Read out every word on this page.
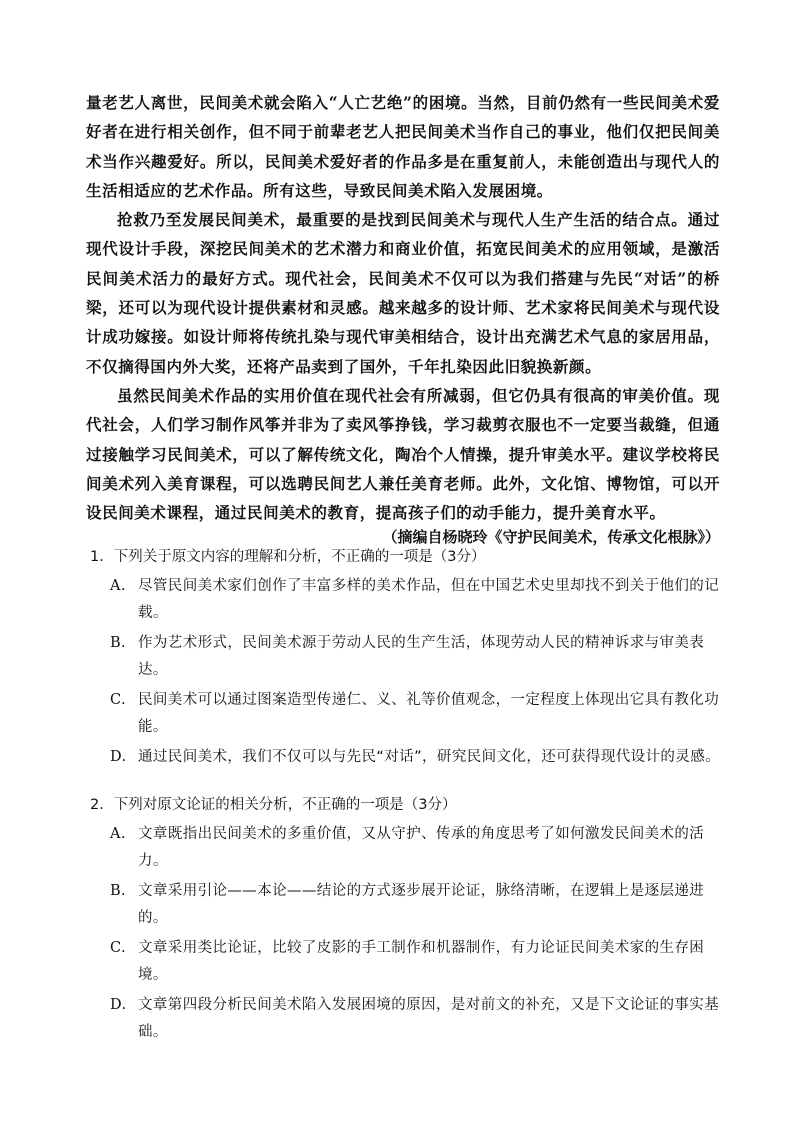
量老艺人离世，民间美术就会陷入“人亡艺绝”的困境。当然，目前仍然有一些民间美术爱好者在进行相关创作，但不同于前辈老艺人把民间美术当作自己的事业，他们仅把民间美术当作兴趣爱好。所以，民间美术爱好者的作品多是在重复前人，未能创造出与现代人的生活相适应的艺术作品。所有这些，导致民间美术陷入发展困境。

抢救乃至发展民间美术，最重要的是找到民间美术与现代人生产生活的结合点。通过现代设计手段，深挖民间美术的艺术潜力和商业价值，拓宽民间美术的应用领域，是激活民间美术活力的最好方式。现代社会，民间美术不仅可以为我们搭建与先民“对话”的桥梁，还可以为现代设计提供素材和灵感。越来越多的设计师、艺术家将民间美术与现代设计成功嫁接。如设计师将传统扎染与现代审美相结合，设计出充满艺术气息的家居用品，不仅摘得国内外大奖，还将产品卖到了国外，千年扎染因此旧貌换新颜。

虽然民间美术作品的实用价值在现代社会有所减弱，但它仍具有很高的审美价值。现代社会，人们学习制作风筝并非为了卖风筝挣钱，学习裁剪衣服也不一定要当裁缝，但通过接触学习民间美术，可以了解传统文化，陶冶个人情操，提升审美水平。建议学校将民间美术列入美育课程，可以选聘民间艺人兼任美育老师。此外，文化馆、博物馆，可以开设民间美术课程，通过民间美术的教育，提高孩子们的动手能力，提升美育水平。

（摘编自杨晓玲《守护民间美术，传承文化根脉》）
1．下列关于原文内容的理解和分析，不正确的一项是（3分）
A. 尽管民间美术家们创作了丰富多样的美术作品，但在中国艺术史里却找不到关于他们的记载。
B. 作为艺术形式，民间美术源于劳动人民的生产生活，体现劳动人民的精神诉求与审美表达。
C. 民间美术可以通过图案造型传递仁、义、礼等价值观念，一定程度上体现出它具有教化功能。
D. 通过民间美术，我们不仅可以与先民“对话”，研究民间文化，还可获得现代设计的灵感。
2．下列对原文论证的相关分析，不正确的一项是（3分）
A. 文章既指出民间美术的多重价值，又从守护、传承的角度思考了如何激发民间美术的活力。
B. 文章采用引论——本论——结论的方式逐步展开论证，脉络清晰，在逻辑上是逐层递进的。
C. 文章采用类比论证，比较了皮影的手工制作和机器制作，有力论证民间美术家的生存困境。
D. 文章第四段分析民间美术陷入发展困境的原因，是对前文的补充，又是下文论证的事实基础。
